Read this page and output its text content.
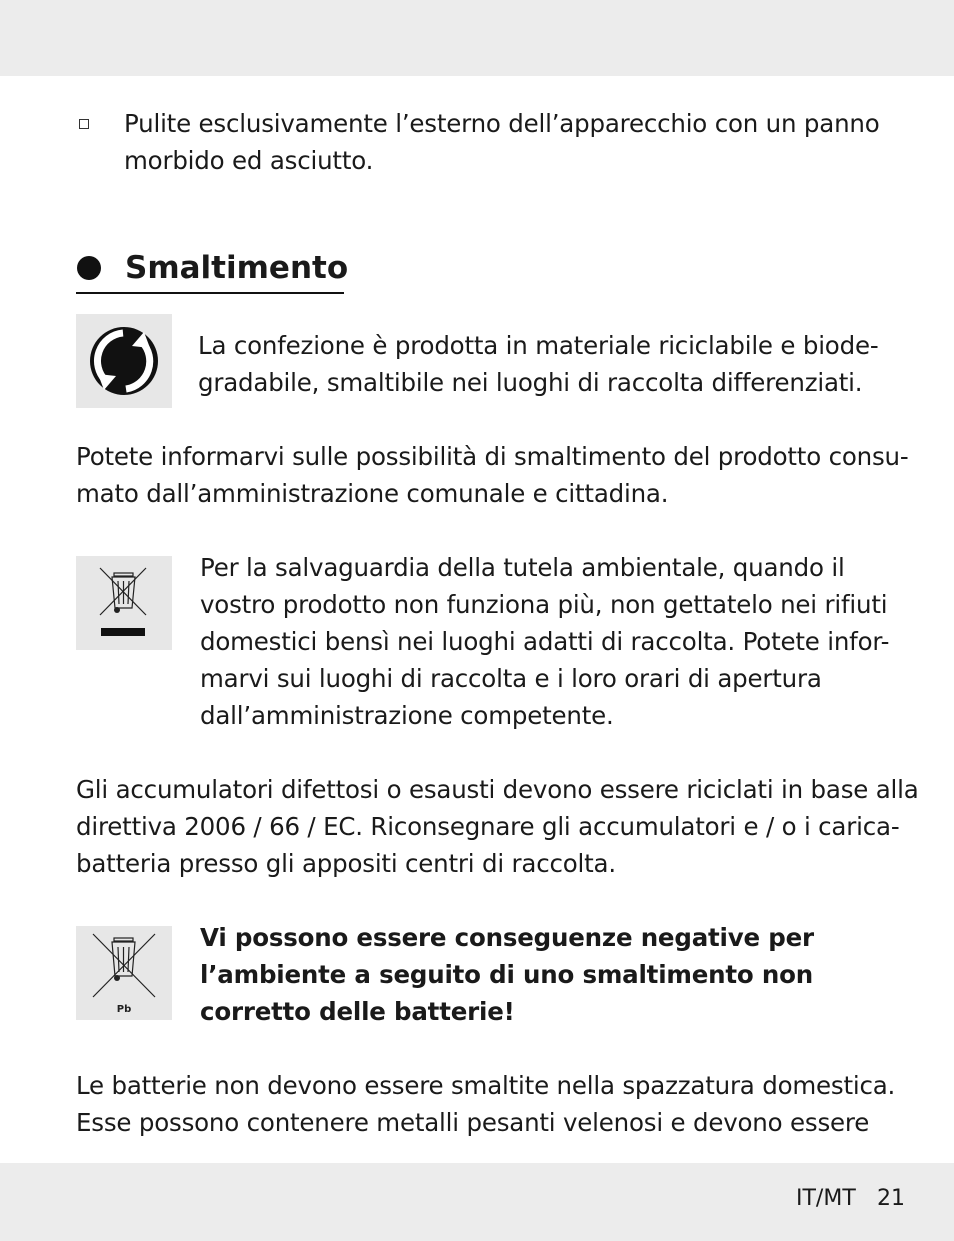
Pulite esclusivamente l’esterno dell’apparecchio con un panno
morbido ed asciutto.
Smaltimento
La confezione è prodotta in materiale riciclabile e biode-
gradabile, smaltibile nei luoghi di raccolta differenziati.
Potete informarvi sulle possibilità di smaltimento del prodotto consu-
mato dall’amministrazione comunale e cittadina.
Per la salvaguardia della tutela ambientale, quando il
vostro prodotto non funziona più, non gettatelo nei rifiuti
domestici bensì nei luoghi adatti di raccolta. Potete infor-
marvi sui luoghi di raccolta e i loro orari di apertura
dall’amministrazione competente.
Gli accumulatori difettosi o esausti devono essere riciclati in base alla
direttiva 2006 / 66 / EC. Riconsegnare gli accumulatori e / o i carica-
batteria presso gli appositi centri di raccolta.
Pb
Vi possono essere conseguenze negative per
l’ambiente a seguito di uno smaltimento non
corretto delle batterie!
Le batterie non devono essere smaltite nella spazzatura domestica.
Esse possono contenere metalli pesanti velenosi e devono essere
IT/MT 21
